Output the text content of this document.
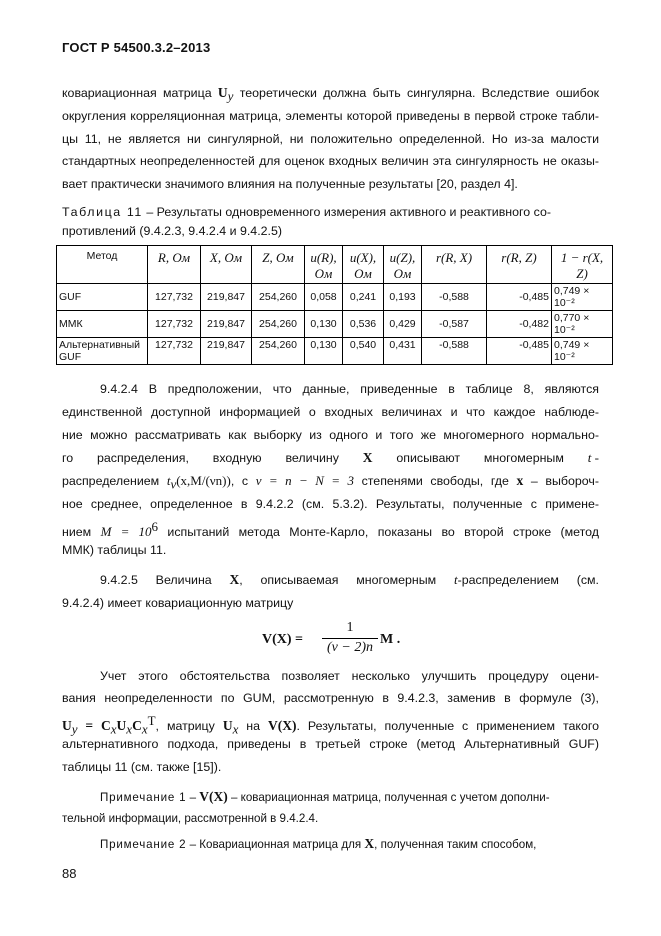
ГОСТ Р 54500.3.2–2013
ковариационная матрица $U_y$ теоретически должна быть сингулярна. Вследствие ошибок
округления корреляционная матрица, элементы которой приведены в первой строке табли-
цы 11, не является ни сингулярной, ни положительно определенной. Но из-за малости
стандартных неопределенностей для оценок входных величин эта сингулярность не оказы-
вает практически значимого влияния на полученные результаты [20, раздел 4].
Таблица 11 – Результаты одновременного измерения активного и реактивного со-
противлений (9.4.2.3, 9.4.2.4 и 9.4.2.5)
Метод	R, Ом	X, Ом	Z, Ом	u(R), Ом	u(X), Ом	u(Z), Ом	r(R, X)	r(R, Z)	1 − r(X, Z)
GUF	127,732	219,847	254,260	0,058	0,241	0,193	-0,588	-0,485	0,749 × 10⁻²
ММК	127,732	219,847	254,260	0,130	0,536	0,429	-0,587	-0,482	0,770 × 10⁻²
Альтернативный GUF	127,732	219,847	254,260	0,130	0,540	0,431	-0,588	-0,485	0,749 × 10⁻²
9.4.2.4 В предположении, что данные, приведенные в таблице 8, являются
единственной доступной информацией о входных величинах и что каждое наблюде-
ние можно рассматривать как выборку из одного и того же многомерного нормально-
го распределения, входную величину X описывают многомерным t -
распределением $t_\nu(x,M/(\nu n))$, с ν = n − N = 3 степенями свободы, где x – выбороч-
ное среднее, определенное в 9.4.2.2 (см. 5.3.2). Результаты, полученные с примене-
нием $M = 10^6$ испытаний метода Монте-Карло, показаны во второй строке (метод
ММК) таблицы 11.
9.4.2.5 Величина X, описываемая многомерным t-распределением (см.
9.4.2.4) имеет ковариационную матрицу
V(X) =
1
(ν − 2)n
M .
Учет этого обстоятельства позволяет несколько улучшить процедуру оцени-
вания неопределенности по GUM, рассмотренную в 9.4.2.3, заменив в формуле (3),
$U_y = C_xU_xC_x^T$, матрицу $U_x$ на V(X). Результаты, полученные с применением такого
альтернативного подхода, приведены в третьей строке (метод Альтернативный GUF)
таблицы 11 (см. также [15]).
Примечание 1 – V(X) – ковариационная матрица, полученная с учетом дополни-
тельной информации, рассмотренной в 9.4.2.4.
Примечание 2 – Ковариационная матрица для X, полученная таким способом,
88
